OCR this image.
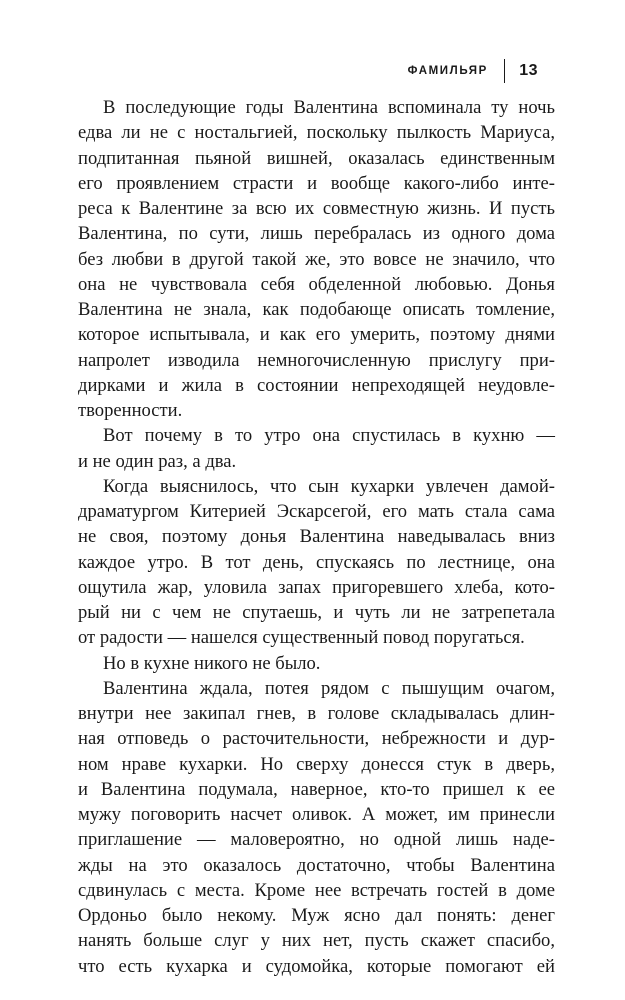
ФАМИЛЬЯР 13
В последующие годы Валентина вспоминала ту ночь
едва ли не с ностальгией, поскольку пылкость Мариуса,
подпитанная пьяной вишней, оказалась единственным
его проявлением страсти и вообще какого-либо инте-
реса к Валентине за всю их совместную жизнь. И пусть
Валентина, по сути, лишь перебралась из одного дома
без любви в другой такой же, это вовсе не значило, что
она не чувствовала себя обделенной любовью. Донья
Валентина не знала, как подобающе описать томление,
которое испытывала, и как его умерить, поэтому днями
напролет изводила немногочисленную прислугу при-
дирками и жила в состоянии непреходящей неудовле-
творенности.
Вот почему в то утро она спустилась в кухню —
и не один раз, а два.
Когда выяснилось, что сын кухарки увлечен дамой-
драматургом Китерией Эскарсегой, его мать стала сама
не своя, поэтому донья Валентина наведывалась вниз
каждое утро. В тот день, спускаясь по лестнице, она
ощутила жар, уловила запах пригоревшего хлеба, кото-
рый ни с чем не спутаешь, и чуть ли не затрепетала
от радости — нашелся существенный повод поругаться.
Но в кухне никого не было.
Валентина ждала, потея рядом с пышущим очагом,
внутри нее закипал гнев, в голове складывалась длин-
ная отповедь о расточительности, небрежности и дур-
ном нраве кухарки. Но сверху донесся стук в дверь,
и Валентина подумала, наверное, кто-то пришел к ее
мужу поговорить насчет оливок. А может, им принесли
приглашение — маловероятно, но одной лишь наде-
жды на это оказалось достаточно, чтобы Валентина
сдвинулась с места. Кроме нее встречать гостей в доме
Ордоньо было некому. Муж ясно дал понять: денег
нанять больше слуг у них нет, пусть скажет спасибо,
что есть кухарка и судомойка, которые помогают ей
